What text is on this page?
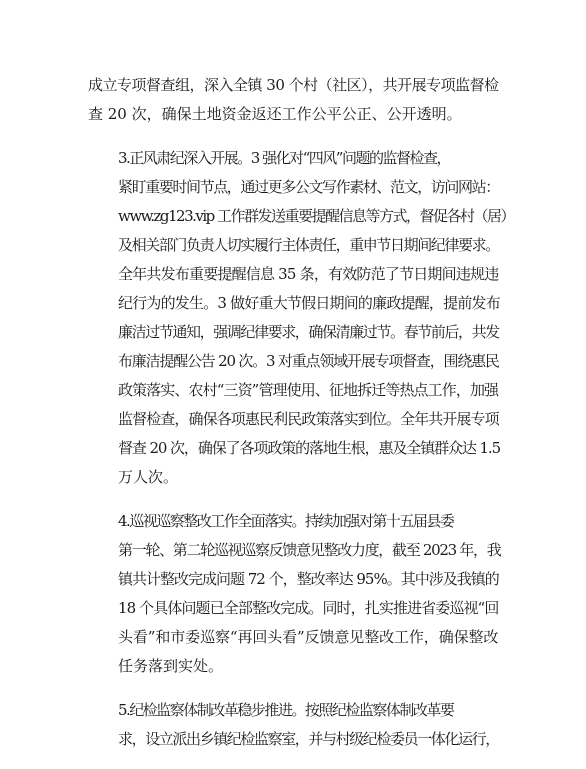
成立专项督查组，深入全镇 30 个村（社区），共开展专项监督检
查 20 次，确保土地资金返还工作公平公正、公开透明。

3.正风肃纪深入开展。3 强化对“四风”问题的监督检查，
紧盯重要时间节点，通过更多公文写作素材、范文，访问网站：
www.zg123.vip 工作群发送重要提醒信息等方式，督促各村（居）
及相关部门负责人切实履行主体责任，重申节日期间纪律要求。
全年共发布重要提醒信息 35 条，有效防范了节日期间违规违
纪行为的发生。3 做好重大节假日期间的廉政提醒，提前发布
廉洁过节通知，强调纪律要求，确保清廉过节。春节前后，共发
布廉洁提醒公告 20 次。3 对重点领域开展专项督查，围绕惠民
政策落实、农村“三资”管理使用、征地拆迁等热点工作，加强
监督检查，确保各项惠民利民政策落实到位。全年共开展专项
督查 20 次，确保了各项政策的落地生根，惠及全镇群众达 1.5
万人次。

4.巡视巡察整改工作全面落实。持续加强对第十五届县委
第一轮、第二轮巡视巡察反馈意见整改力度，截至 2023 年，我
镇共计整改完成问题 72 个，整改率达 95%。其中涉及我镇的
18 个具体问题已全部整改完成。同时，扎实推进省委巡视“回
头看”和市委巡察“再回头看”反馈意见整改工作，确保整改
任务落到实处。

5.纪检监察体制改革稳步推进。按照纪检监察体制改革要
求，设立派出乡镇纪检监察室，并与村级纪检委员一体化运行，
